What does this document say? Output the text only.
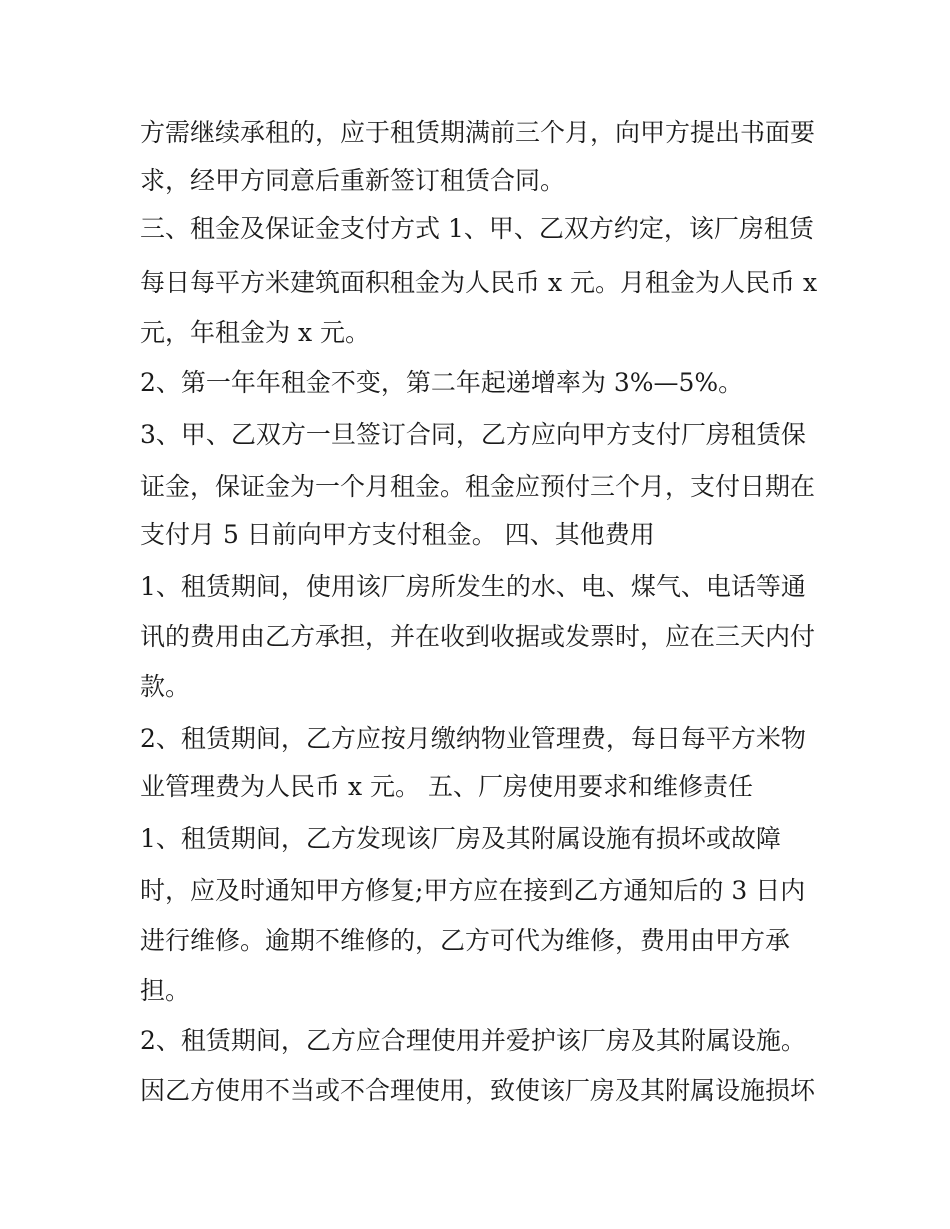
方需继续承租的，应于租赁期满前三个月，向甲方提出书面要
求，经甲方同意后重新签订租赁合同。
三、租金及保证金支付方式 1、甲、乙双方约定，该厂房租赁
每日每平方米建筑面积租金为人民币 x 元。月租金为人民币 x
元，年租金为 x 元。
2、第一年年租金不变，第二年起递增率为 3%—5%。
3、甲、乙双方一旦签订合同，乙方应向甲方支付厂房租赁保
证金，保证金为一个月租金。租金应预付三个月，支付日期在
支付月 5 日前向甲方支付租金。 四、其他费用
1、租赁期间，使用该厂房所发生的水、电、煤气、电话等通
讯的费用由乙方承担，并在收到收据或发票时，应在三天内付
款。
2、租赁期间，乙方应按月缴纳物业管理费，每日每平方米物
业管理费为人民币 x 元。 五、厂房使用要求和维修责任
1、租赁期间，乙方发现该厂房及其附属设施有损坏或故障
时，应及时通知甲方修复;甲方应在接到乙方通知后的 3 日内
进行维修。逾期不维修的，乙方可代为维修，费用由甲方承
担。
2、租赁期间，乙方应合理使用并爱护该厂房及其附属设施。
因乙方使用不当或不合理使用，致使该厂房及其附属设施损坏
